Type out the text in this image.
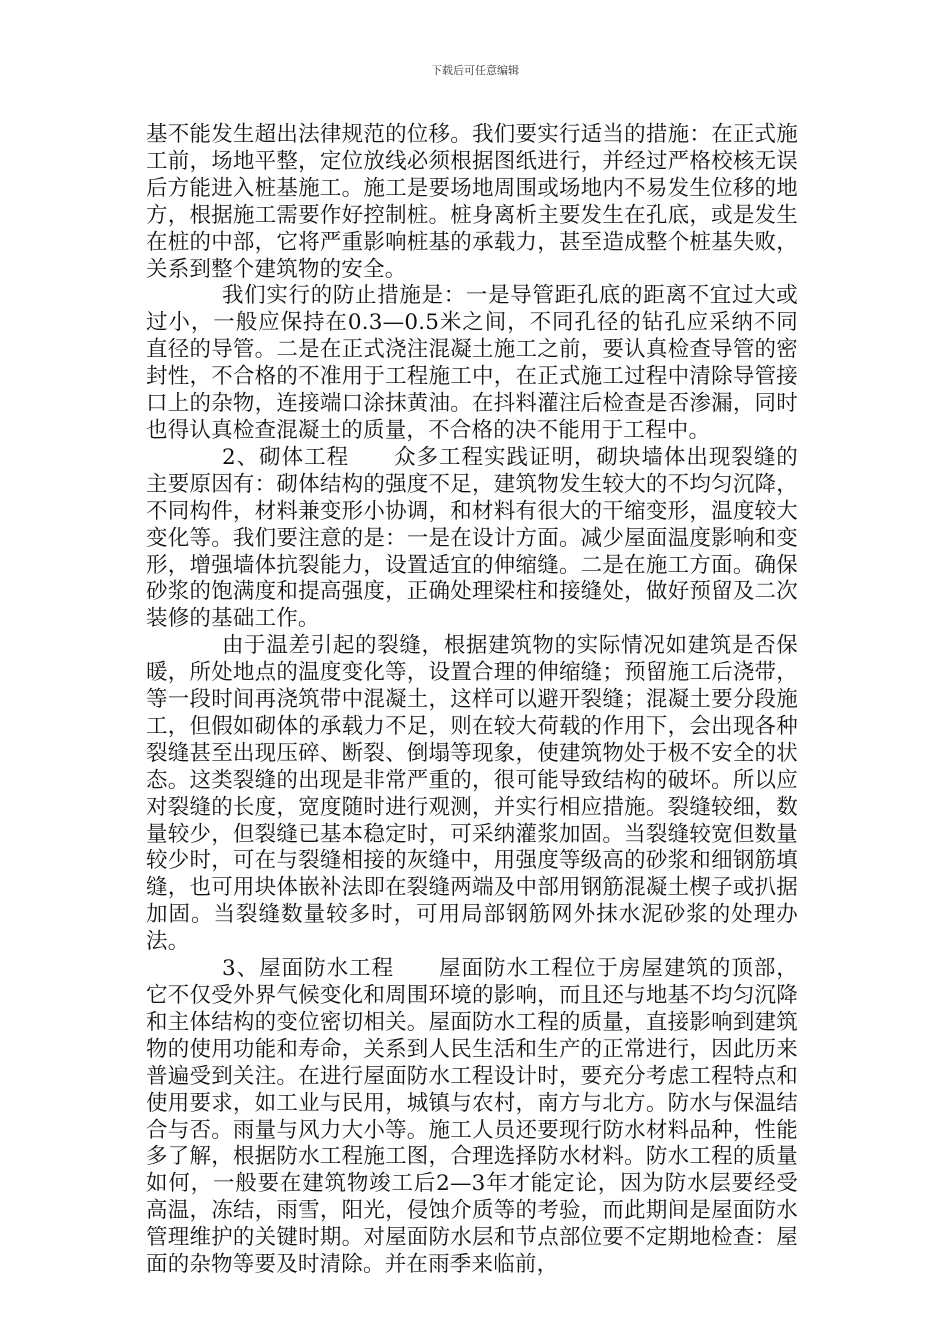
下载后可任意编辑

基不能发生超出法律规范的位移。我们要实行适当的措施：在正式施工前，场地平整，定位放线必须根据图纸进行，并经过严格校核无误后方能进入桩基施工。施工是要场地周围或场地内不易发生位移的地方，根据施工需要作好控制桩。桩身离析主要发生在孔底，或是发生在桩的中部，它将严重影响桩基的承载力，甚至造成整个桩基失败，关系到整个建筑物的安全。

我们实行的防止措施是：一是导管距孔底的距离不宜过大或过小，一般应保持在0.3—0.5米之间，不同孔径的钻孔应采纳不同直径的导管。二是在正式浇注混凝土施工之前，要认真检查导管的密封性，不合格的不准用于工程施工中，在正式施工过程中清除导管接口上的杂物，连接端口涂抹黄油。在抖料灌注后检查是否渗漏，同时也得认真检查混凝土的质量，不合格的决不能用于工程中。

2、砌体工程　　众多工程实践证明，砌块墙体出现裂缝的主要原因有：砌体结构的强度不足，建筑物发生较大的不均匀沉降，不同构件，材料兼变形小协调，和材料有很大的干缩变形，温度较大变化等。我们要注意的是：一是在设计方面。减少屋面温度影响和变形，增强墙体抗裂能力，设置适宜的伸缩缝。二是在施工方面。确保砂浆的饱满度和提高强度，正确处理梁柱和接缝处，做好预留及二次装修的基础工作。

由于温差引起的裂缝，根据建筑物的实际情况如建筑是否保暖，所处地点的温度变化等，设置合理的伸缩缝；预留施工后浇带，等一段时间再浇筑带中混凝土，这样可以避开裂缝；混凝土要分段施工，但假如砌体的承载力不足，则在较大荷载的作用下，会出现各种裂缝甚至出现压碎、断裂、倒塌等现象，使建筑物处于极不安全的状态。这类裂缝的出现是非常严重的，很可能导致结构的破坏。所以应对裂缝的长度，宽度随时进行观测，并实行相应措施。裂缝较细，数量较少，但裂缝已基本稳定时，可采纳灌浆加固。当裂缝较宽但数量较少时，可在与裂缝相接的灰缝中，用强度等级高的砂浆和细钢筋填缝，也可用块体嵌补法即在裂缝两端及中部用钢筋混凝土楔子或扒据加固。当裂缝数量较多时，可用局部钢筋网外抹水泥砂浆的处理办法。

3、屋面防水工程　　屋面防水工程位于房屋建筑的顶部，它不仅受外界气候变化和周围环境的影响，而且还与地基不均匀沉降和主体结构的变位密切相关。屋面防水工程的质量，直接影响到建筑物的使用功能和寿命，关系到人民生活和生产的正常进行，因此历来普遍受到关注。在进行屋面防水工程设计时，要充分考虑工程特点和使用要求，如工业与民用，城镇与农村，南方与北方。防水与保温结合与否。雨量与风力大小等。施工人员还要现行防水材料品种，性能多了解，根据防水工程施工图，合理选择防水材料。防水工程的质量如何，一般要在建筑物竣工后2—3年才能定论，因为防水层要经受高温，冻结，雨雪，阳光，侵蚀介质等的考验，而此期间是屋面防水管理维护的关键时期。对屋面防水层和节点部位要不定期地检查：屋面的杂物等要及时清除。并在雨季来临前，
